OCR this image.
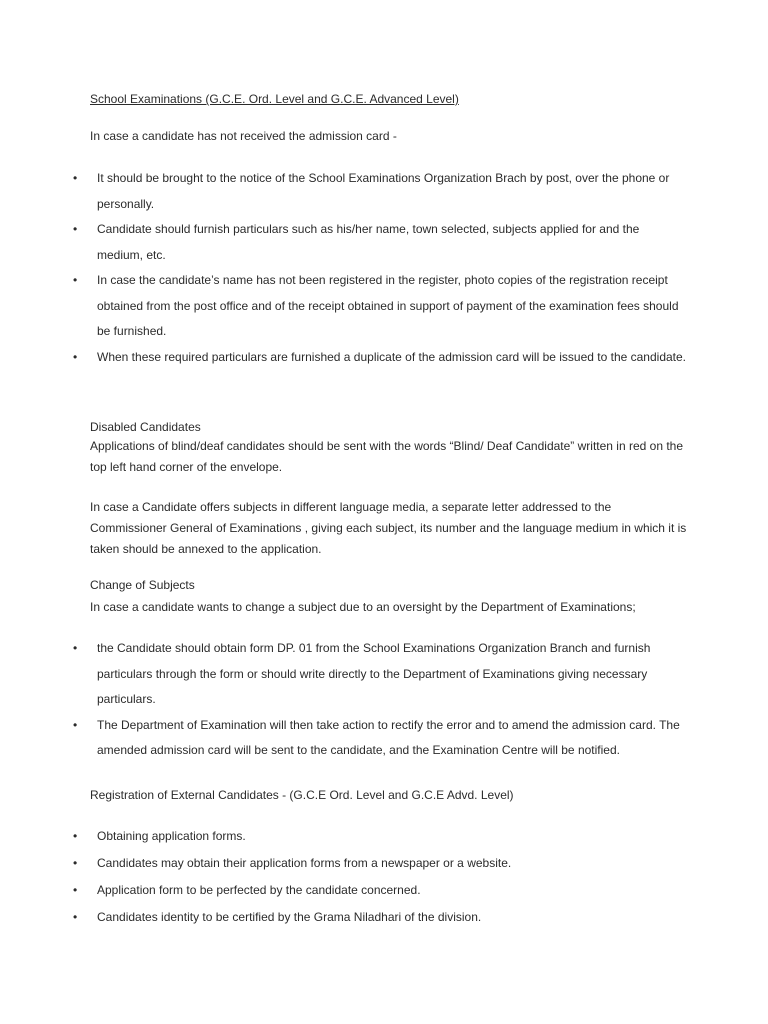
School Examinations (G.C.E. Ord. Level and G.C.E. Advanced Level)

In case a candidate has not received the admission card -

• It should be brought to the notice of the School Examinations Organization Brach by post, over the phone or personally.
• Candidate should furnish particulars such as his/her name, town selected, subjects applied for and the medium, etc.
• In case the candidate’s name has not been registered in the register, photo copies of the registration receipt obtained from the post office and of the receipt obtained in support of payment of the examination fees should be furnished.
• When these required particulars are furnished a duplicate of the admission card will be issued to the candidate.

Disabled Candidates

Applications of blind/deaf candidates should be sent with the words “Blind/ Deaf Candidate” written in red on the top left hand corner of the envelope.

In case a Candidate offers subjects in different language media, a separate letter addressed to the Commissioner General of Examinations , giving each subject, its number and the language medium in which it is taken should be annexed to the application.

Change of Subjects

In case a candidate wants to change a subject due to an oversight by the Department of Examinations;

• the Candidate should obtain form DP. 01 from the School Examinations Organization Branch and furnish particulars through the form or should write directly to the Department of Examinations giving necessary particulars.
• The Department of Examination will then take action to rectify the error and to amend the admission card. The amended admission card will be sent to the candidate, and the Examination Centre will be notified.

Registration of External Candidates - (G.C.E Ord. Level and G.C.E Advd. Level)

• Obtaining application forms.
• Candidates may obtain their application forms from a newspaper or a website.
• Application form to be perfected by the candidate concerned.
• Candidates identity to be certified by the Grama Niladhari of the division.
